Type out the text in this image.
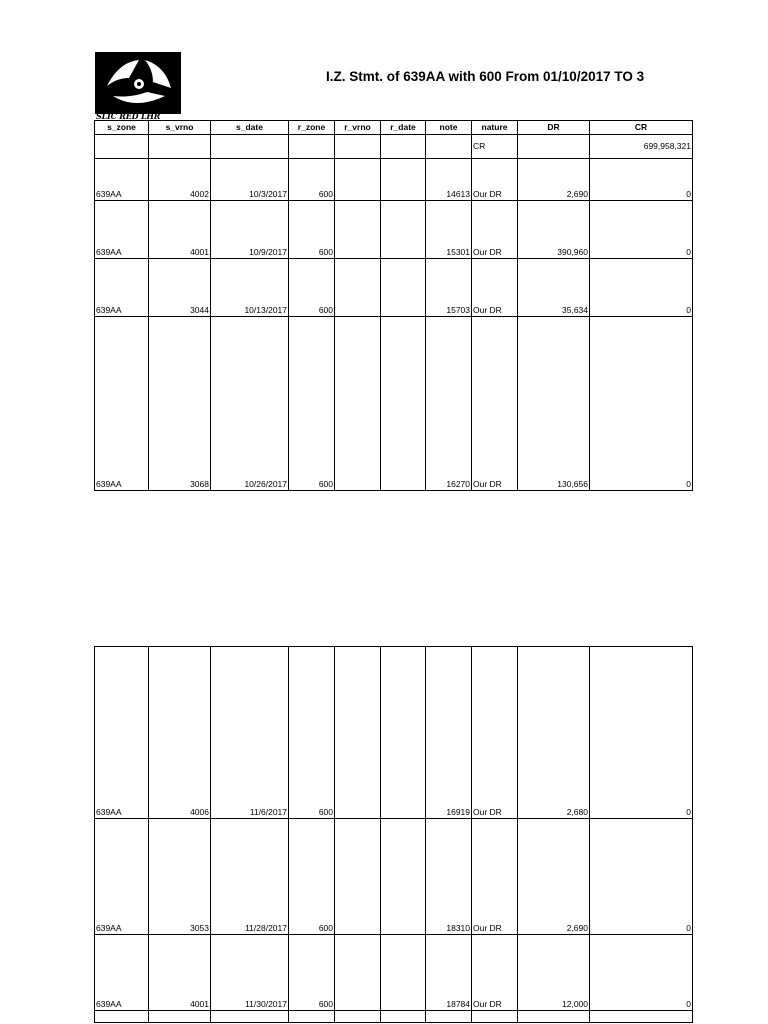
SLIC RED LHR
I.Z. Stmt. of 639AA with 600 From 01/10/2017 TO 3
s_zone	s_vrno	s_date	r_zone	r_vrno	r_date	note	nature	DR	CR
							CR		699,958,321
639AA	4002	10/3/2017	600			14613	Our DR	2,690	0
639AA	4001	10/9/2017	600			15301	Our DR	390,960	0
639AA	3044	10/13/2017	600			15703	Our DR	35,634	0
639AA	3068	10/26/2017	600			16270	Our DR	130,656	0
639AA	4006	11/6/2017	600			16919	Our DR	2,680	0
639AA	3053	11/28/2017	600			18310	Our DR	2,690	0
639AA	4001	11/30/2017	600			18784	Our DR	12,000	0
